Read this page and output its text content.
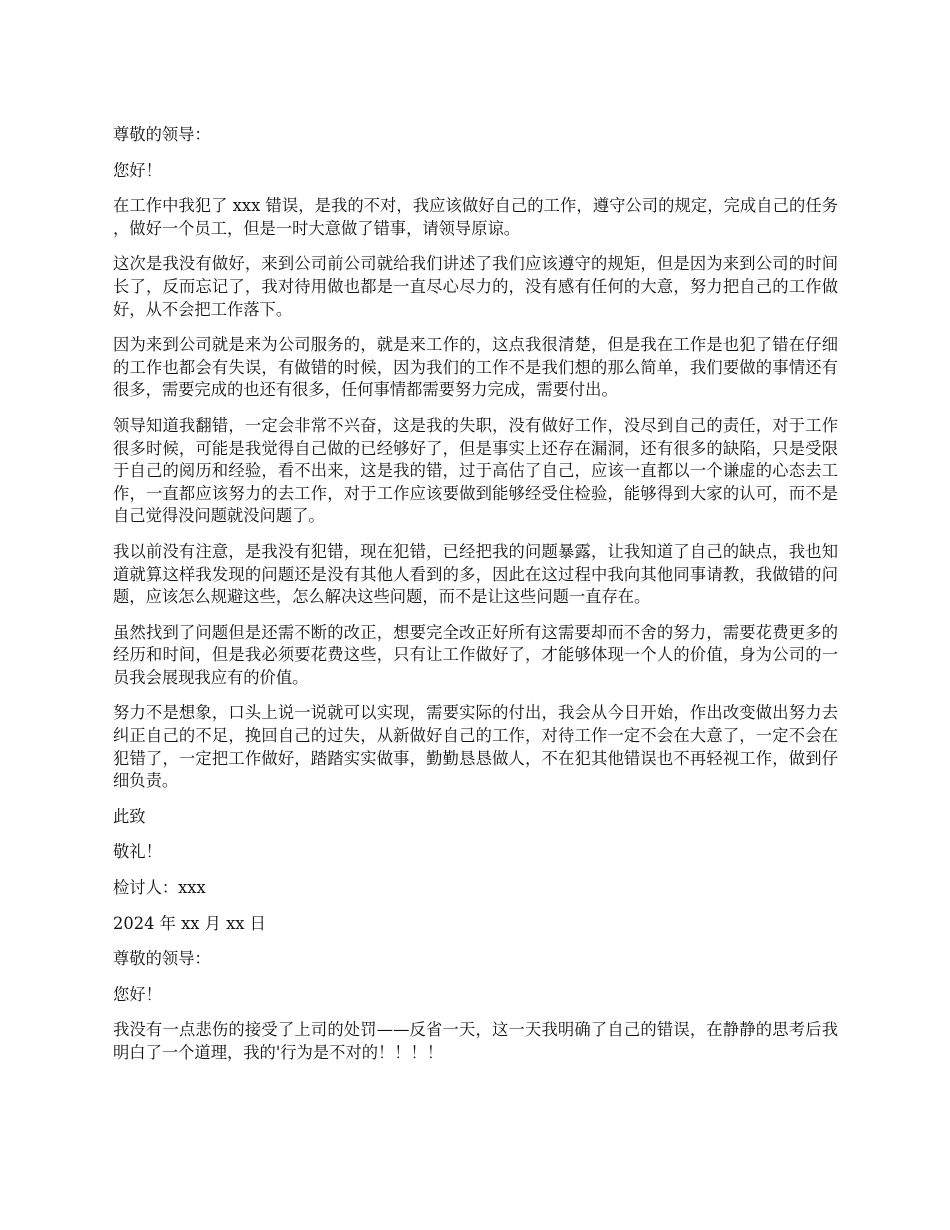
尊敬的领导：

您好！

在工作中我犯了 xxx 错误，是我的不对，我应该做好自己的工作，遵守公司的规定，完成自己的任务，做好一个员工，但是一时大意做了错事，请领导原谅。

这次是我没有做好，来到公司前公司就给我们讲述了我们应该遵守的规矩，但是因为来到公司的时间长了，反而忘记了，我对待用做也都是一直尽心尽力的，没有感有任何的大意，努力把自己的工作做好，从不会把工作落下。

因为来到公司就是来为公司服务的，就是来工作的，这点我很清楚，但是我在工作是也犯了错在仔细的工作也都会有失误，有做错的时候，因为我们的工作不是我们想的那么简单，我们要做的事情还有很多，需要完成的也还有很多，任何事情都需要努力完成，需要付出。

领导知道我翻错，一定会非常不兴奋，这是我的失职，没有做好工作，没尽到自己的责任，对于工作很多时候，可能是我觉得自己做的已经够好了，但是事实上还存在漏洞，还有很多的缺陷，只是受限于自己的阅历和经验，看不出来，这是我的错，过于高估了自己，应该一直都以一个谦虚的心态去工作，一直都应该努力的去工作，对于工作应该要做到能够经受住检验，能够得到大家的认可，而不是自己觉得没问题就没问题了。

我以前没有注意，是我没有犯错，现在犯错，已经把我的问题暴露，让我知道了自己的缺点，我也知道就算这样我发现的问题还是没有其他人看到的多，因此在这过程中我向其他同事请教，我做错的问题，应该怎么规避这些，怎么解决这些问题，而不是让这些问题一直存在。

虽然找到了问题但是还需不断的改正，想要完全改正好所有这需要却而不舍的努力，需要花费更多的经历和时间，但是我必须要花费这些，只有让工作做好了，才能够体现一个人的价值，身为公司的一员我会展现我应有的价值。

努力不是想象，口头上说一说就可以实现，需要实际的付出，我会从今日开始，作出改变做出努力去纠正自己的不足，挽回自己的过失，从新做好自己的工作，对待工作一定不会在大意了，一定不会在犯错了，一定把工作做好，踏踏实实做事，勤勤恳恳做人，不在犯其他错误也不再轻视工作，做到仔细负责。

此致

敬礼！

检讨人：xxx

2024 年 xx 月 xx 日

尊敬的领导：

您好！

我没有一点悲伤的接受了上司的处罚——反省一天，这一天我明确了自己的错误，在静静的思考后我明白了一个道理，我的'行为是不对的！！！！
